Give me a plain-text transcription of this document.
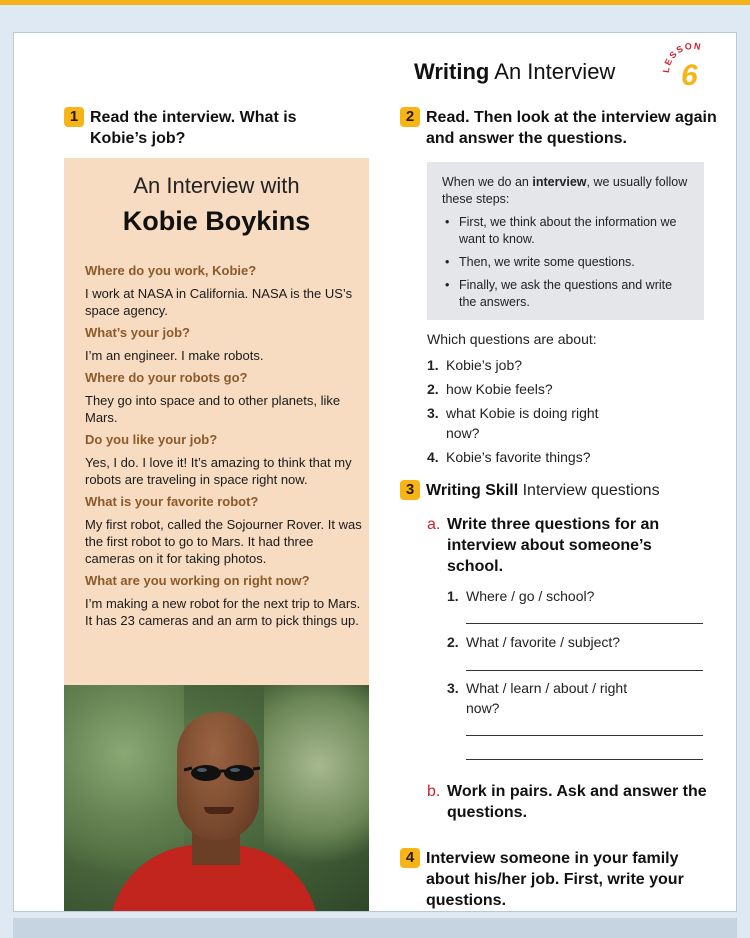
Writing An Interview	LESSON
6
1 Read the interview. What is Kobie’s job?
An Interview with
Kobie Boykins
Where do you work, Kobie?
I work at NASA in California. NASA is the US’s space agency.
What’s your job?
I’m an engineer. I make robots.
Where do your robots go?
They go into space and to other planets, like Mars.
Do you like your job?
Yes, I do. I love it! It’s amazing to think that my robots are traveling in space right now.
What is your favorite robot?
My first robot, called the Sojourner Rover. It was the first robot to go to Mars. It had three cameras on it for taking photos.
What are you working on right now?
I’m making a new robot for the next trip to Mars. It has 23 cameras and an arm to pick things up.
2 Read. Then look at the interview again and answer the questions.
When we do an interview, we usually follow these steps:
• First, we think about the information we want to know.
• Then, we write some questions.
• Finally, we ask the questions and write the answers.
Which questions are about:
1. Kobie’s job?
2. how Kobie feels?
3. what Kobie is doing right now?
4. Kobie’s favorite things?
3 Writing Skill Interview questions
a. Write three questions for an interview about someone’s school.
1. Where / go / school?
2. What / favorite / subject?
3. What / learn / about / right now?
b. Work in pairs. Ask and answer the questions.
4 Interview someone in your family about his/her job. First, write your questions.
